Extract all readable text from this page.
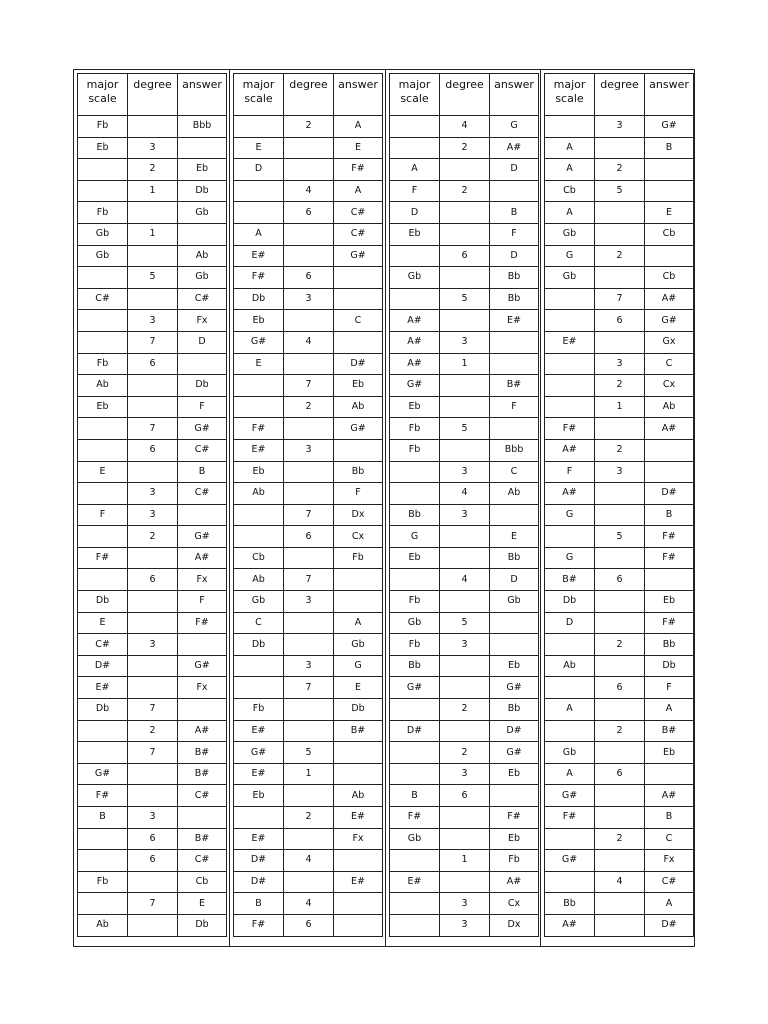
major scale	degree	answer
Fb		Bbb
Eb	3	
	2	Eb
	1	Db
Fb		Gb
Gb	1	
Gb		Ab
	5	Gb
C#		C#
	3	Fx
	7	D
Fb	6	
Ab		Db
Eb		F
	7	G#
	6	C#
E		B
	3	C#
F	3	
	2	G#
F#		A#
	6	Fx
Db		F
E		F#
C#	3	
D#		G#
E#		Fx
Db	7	
	2	A#
	7	B#
G#		B#
F#		C#
B	3	
	6	B#
	6	C#
Fb		Cb
	7	E
Ab		Db
major scale	degree	answer
	2	A
E		E
D		F#
	4	A
	6	C#
A		C#
E#		G#
F#	6	
Db	3	
Eb		C
G#	4	
E		D#
	7	Eb
	2	Ab
F#		G#
E#	3	
Eb		Bb
Ab		F
	7	Dx
	6	Cx
Cb		Fb
Ab	7	
Gb	3	
C		A
Db		Gb
	3	G
	7	E
Fb		Db
E#		B#
G#	5	
E#	1	
Eb		Ab
	2	E#
E#		Fx
D#	4	
D#		E#
B	4	
F#	6	
major scale	degree	answer
	4	G
	2	A#
A		D
F	2	
D		B
Eb		F
	6	D
Gb		Bb
	5	Bb
A#		E#
A#	3	
A#	1	
G#		B#
Eb		F
Fb	5	
Fb		Bbb
	3	C
	4	Ab
Bb	3	
G		E
Eb		Bb
	4	D
Fb		Gb
Gb	5	
Fb	3	
Bb		Eb
G#		G#
	2	Bb
D#		D#
	2	G#
	3	Eb
B	6	
F#		F#
Gb		Eb
	1	Fb
E#		A#
	3	Cx
	3	Dx
major scale	degree	answer
	3	G#
A		B
A	2	
Cb	5	
A		E
Gb		Cb
G	2	
Gb		Cb
	7	A#
	6	G#
E#		Gx
	3	C
	2	Cx
	1	Ab
F#		A#
A#	2	
F	3	
A#		D#
G		B
	5	F#
G		F#
B#	6	
Db		Eb
D		F#
	2	Bb
Ab		Db
	6	F
A		A
	2	B#
Gb		Eb
A	6	
G#		A#
F#		B
	2	C
G#		Fx
	4	C#
Bb		A
A#		D#
